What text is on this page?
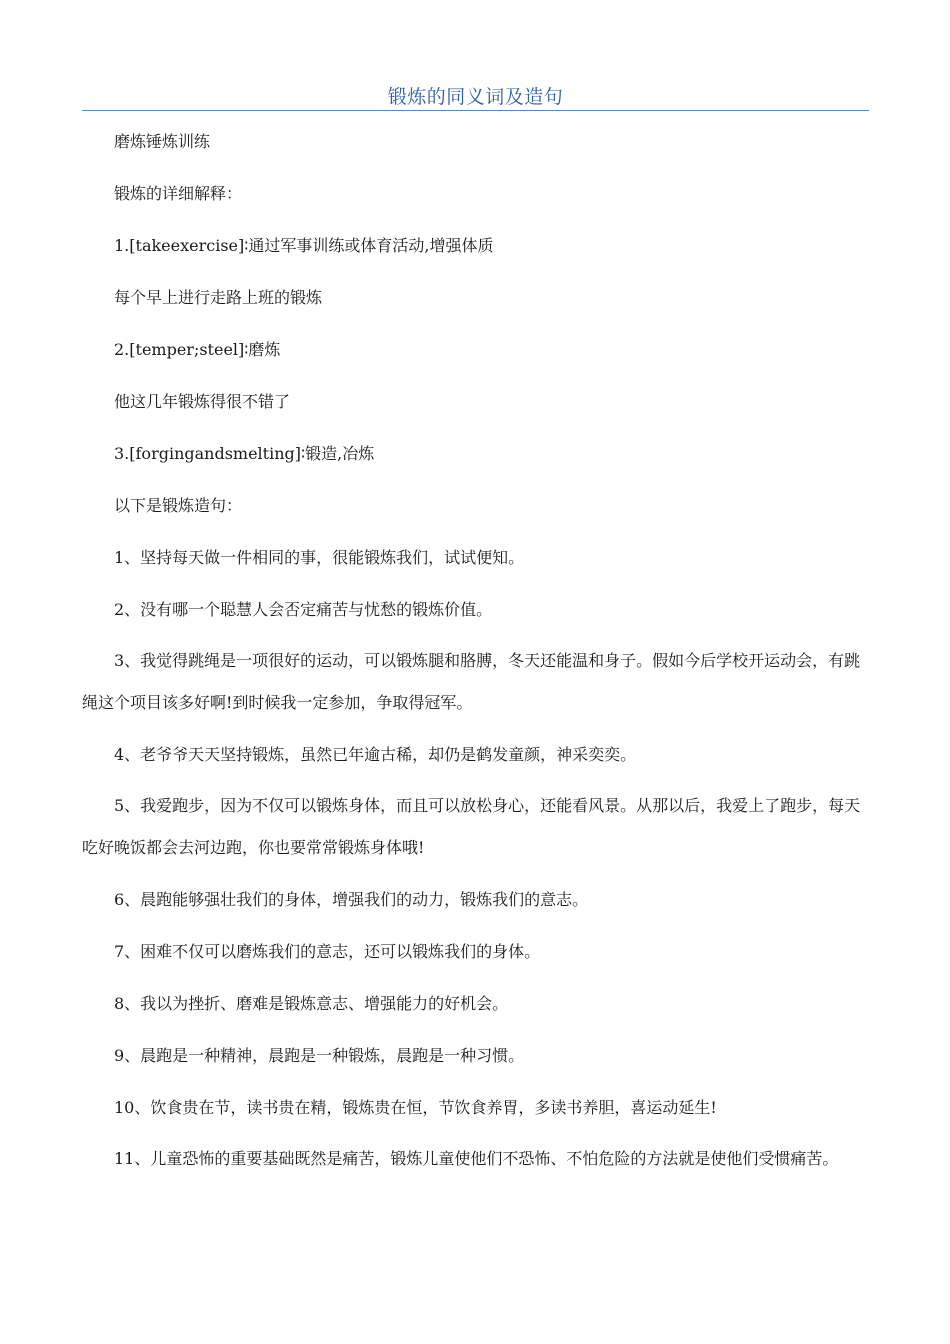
锻炼的同义词及造句

磨炼锤炼训练

锻炼的详细解释：

1.[takeexercise]∶通过军事训练或体育活动,增强体质

每个早上进行走路上班的锻炼

2.[temper;steel]∶磨炼

他这几年锻炼得很不错了

3.[forgingandsmelting]∶锻造,冶炼

以下是锻炼造句：

1、坚持每天做一件相同的事，很能锻炼我们，试试便知。

2、没有哪一个聪慧人会否定痛苦与忧愁的锻炼价值。

3、我觉得跳绳是一项很好的运动，可以锻炼腿和胳膊，冬天还能温和身子。假如今后学校开运动会，有跳绳这个项目该多好啊!到时候我一定参加，争取得冠军。

4、老爷爷天天坚持锻炼，虽然已年逾古稀，却仍是鹤发童颜，神采奕奕。

5、我爱跑步，因为不仅可以锻炼身体，而且可以放松身心，还能看风景。从那以后，我爱上了跑步，每天吃好晚饭都会去河边跑，你也要常常锻炼身体哦!

6、晨跑能够强壮我们的身体，增强我们的动力，锻炼我们的意志。

7、困难不仅可以磨炼我们的意志，还可以锻炼我们的身体。

8、我以为挫折、磨难是锻炼意志、增强能力的好机会。

9、晨跑是一种精神，晨跑是一种锻炼，晨跑是一种习惯。

10、饮食贵在节，读书贵在精，锻炼贵在恒，节饮食养胃，多读书养胆，喜运动延生!

11、儿童恐怖的重要基础既然是痛苦，锻炼儿童使他们不恐怖、不怕危险的方法就是使他们受惯痛苦。
